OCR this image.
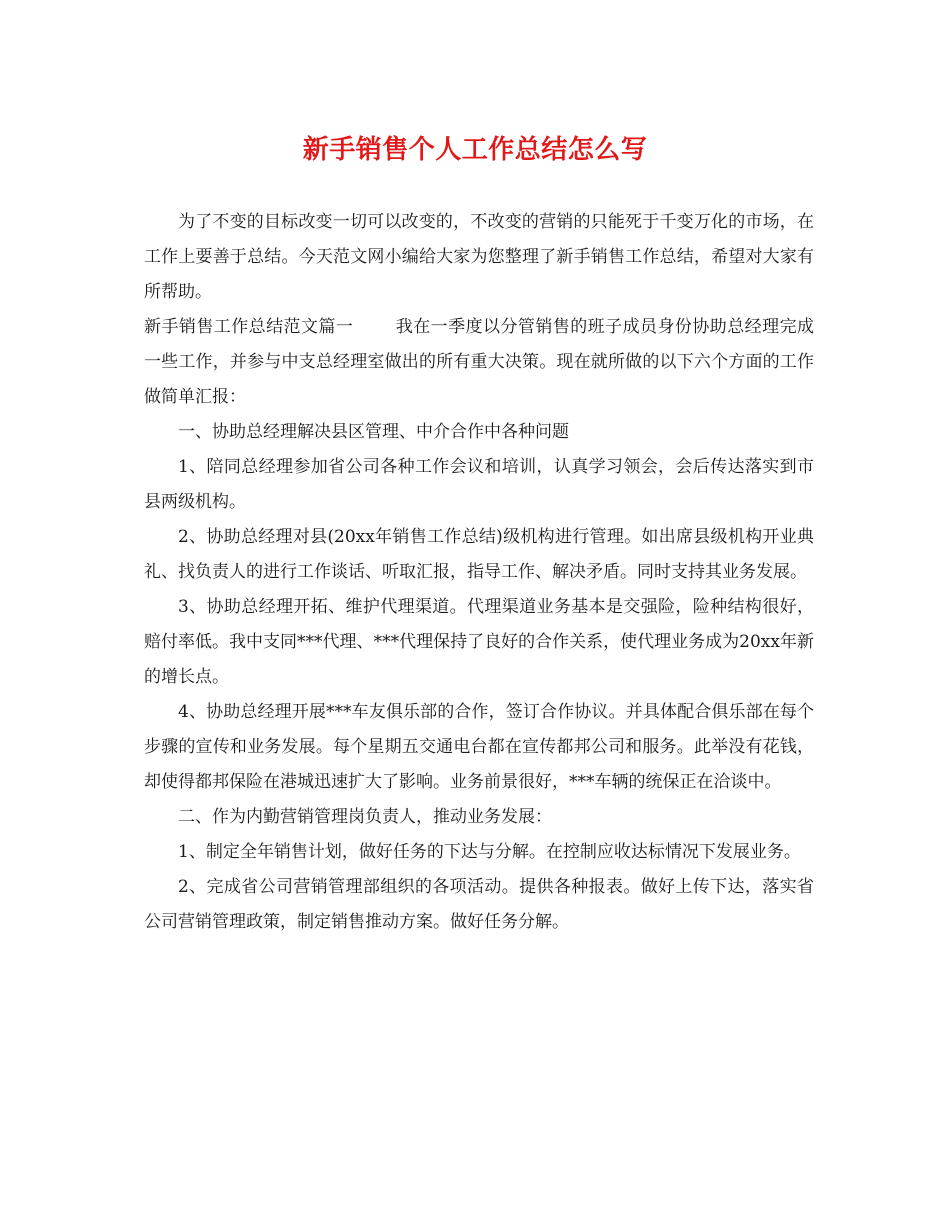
新手销售个人工作总结怎么写

为了不变的目标改变一切可以改变的，不改变的营销的只能死于千变万化的市场，在工作上要善于总结。今天范文网小编给大家为您整理了新手销售工作总结，希望对大家有所帮助。

新手销售工作总结范文篇一 我在一季度以分管销售的班子成员身份协助总经理完成一些工作，并参与中支总经理室做出的所有重大决策。现在就所做的以下六个方面的工作做简单汇报：

一、协助总经理解决县区管理、中介合作中各种问题

1、陪同总经理参加省公司各种工作会议和培训，认真学习领会，会后传达落实到市县两级机构。

2、协助总经理对县(20xx年销售工作总结)级机构进行管理。如出席县级机构开业典礼、找负责人的进行工作谈话、听取汇报，指导工作、解决矛盾。同时支持其业务发展。

3、协助总经理开拓、维护代理渠道。代理渠道业务基本是交强险，险种结构很好，赔付率低。我中支同***代理、***代理保持了良好的合作关系，使代理业务成为20xx年新的增长点。

4、协助总经理开展***车友俱乐部的合作，签订合作协议。并具体配合俱乐部在每个步骤的宣传和业务发展。每个星期五交通电台都在宣传都邦公司和服务。此举没有花钱，却使得都邦保险在港城迅速扩大了影响。业务前景很好，***车辆的统保正在洽谈中。

二、作为内勤营销管理岗负责人，推动业务发展：

1、制定全年销售计划，做好任务的下达与分解。在控制应收达标情况下发展业务。

2、完成省公司营销管理部组织的各项活动。提供各种报表。做好上传下达，落实省公司营销管理政策，制定销售推动方案。做好任务分解。
